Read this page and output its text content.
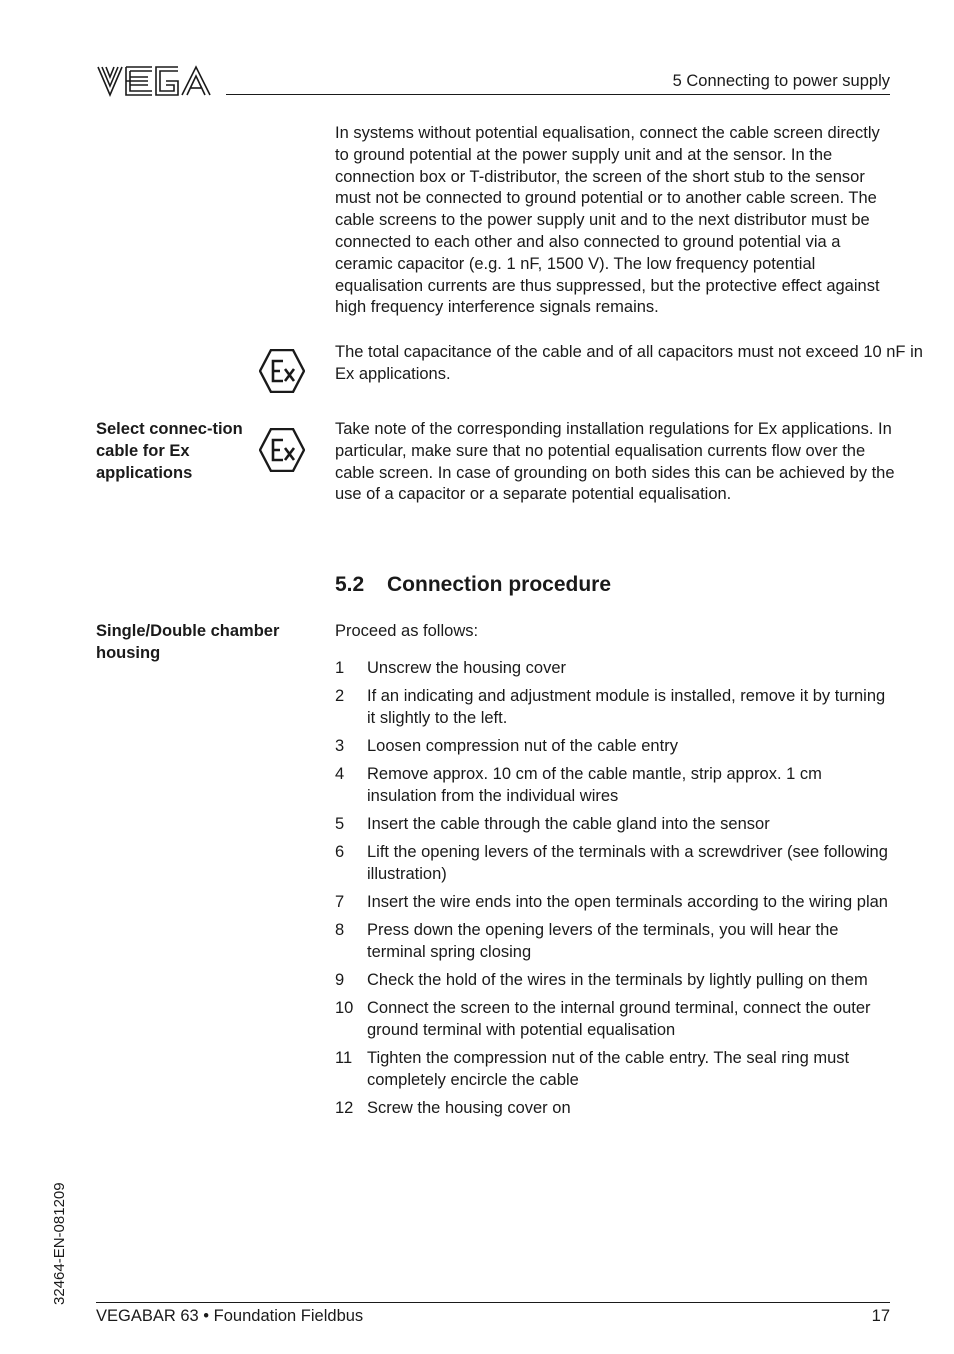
5 Connecting to power supply
In systems without potential equalisation, connect the cable screen directly to ground potential at the power supply unit and at the sensor. In the connection box or T-distributor, the screen of the short stub to the sensor must not be connected to ground potential or to another cable screen. The cable screens to the power supply unit and to the next distributor must be connected to each other and also connected to ground potential via a ceramic capacitor (e.g. 1 nF, 1500 V). The low frequency potential equalisation currents are thus suppressed, but the protective effect against high frequency interference signals remains.
The total capacitance of the cable and of all capacitors must not exceed 10 nF in Ex applications.
Select connec-tion cable for Ex applications
Take note of the corresponding installation regulations for Ex applications. In particular, make sure that no potential equalisation currents flow over the cable screen. In case of grounding on both sides this can be achieved by the use of a capacitor or a separate potential equalisation.
5.2 Connection procedure
Single/Double chamber housing
Proceed as follows:
1	Unscrew the housing cover
2	If an indicating and adjustment module is installed, remove it by turning it slightly to the left.
3	Loosen compression nut of the cable entry
4	Remove approx. 10 cm of the cable mantle, strip approx. 1 cm insulation from the individual wires
5	Insert the cable through the cable gland into the sensor
6	Lift the opening levers of the terminals with a screwdriver (see following illustration)
7	Insert the wire ends into the open terminals according to the wiring plan
8	Press down the opening levers of the terminals, you will hear the terminal spring closing
9	Check the hold of the wires in the terminals by lightly pulling on them
10 Connect the screen to the internal ground terminal, connect the outer ground terminal with potential equalisation
11 Tighten the compression nut of the cable entry. The seal ring must completely encircle the cable
12 Screw the housing cover on
32464-EN-081209
VEGABAR 63 • Foundation Fieldbus	17
